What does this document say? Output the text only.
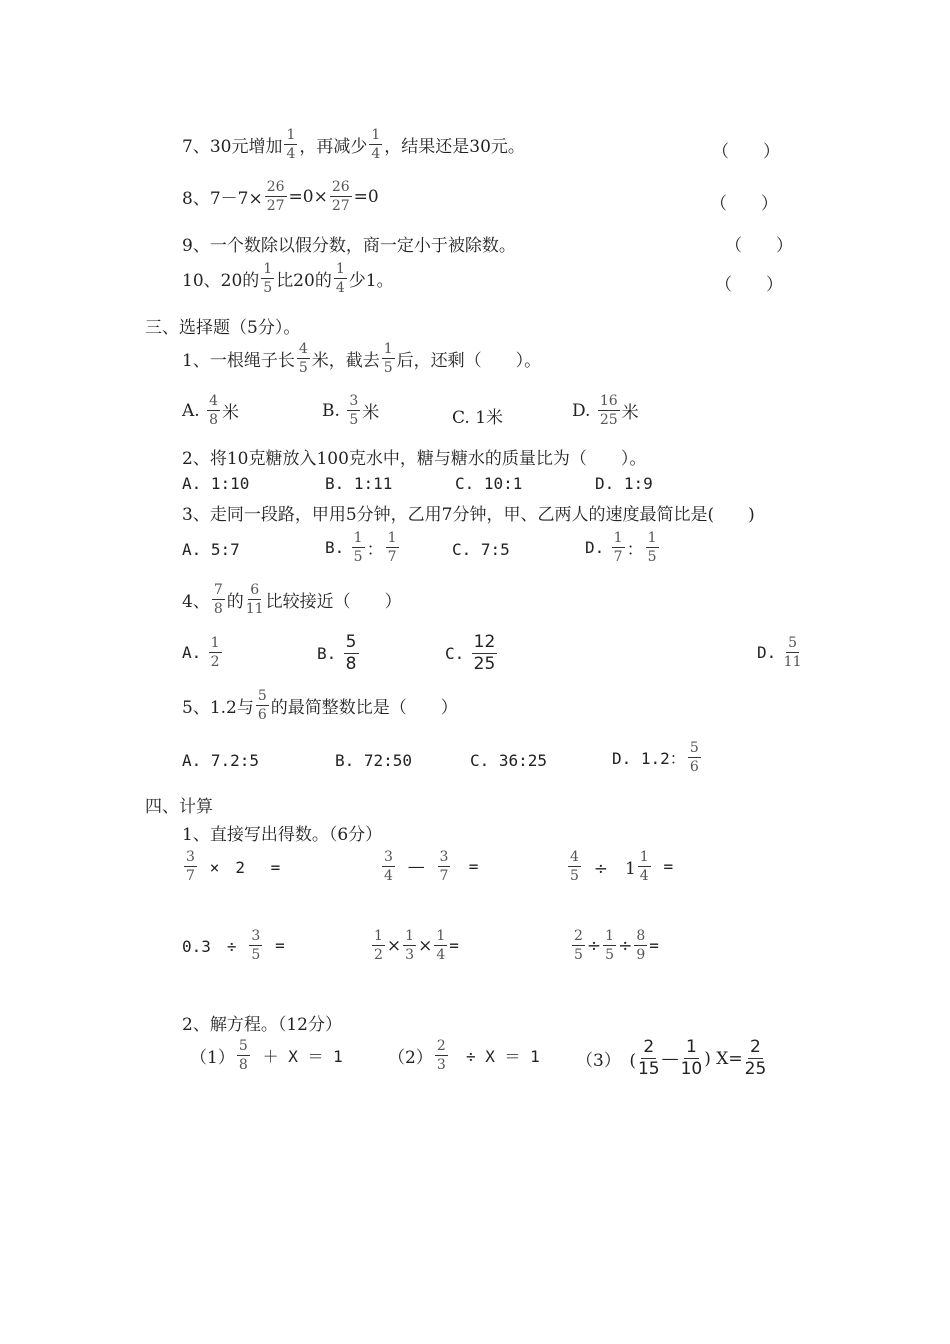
7、30元增加
1
4 ，再减少
1
4 ，结果还是30元。	（　　）
8、$7-7\times \frac{26}{27} =0\times \frac{26}{27} =0$	（　　）
9、一个数除以假分数，商一定小于被除数。	（　　）
10、20的
1
5 比20的
1
4 少1。	（　　）
三、选择题（5分）。
1、一根绳子长
4
5 米，截去
1
5 后，还剩（　　）。
A.
4
8 米	B.
3
5 米	C. 1米	D.
16
25 米
2、将10克糖放入100克水中，糖与糖水的质量比为（　　）。
A. 1:10	B. 1:11	C. 10:1	D. 1:9
3、走同一段路，甲用5分钟，乙用7分钟，甲、乙两人的速度最简比是(　　)
A. 5:7	B.
1
5 ：
1
7	C. 7:5	D.
1
7 ：
1
5
4、
7
8 的
6
11 比较接近（　　）
A.
1
2	B.

5
8
C.

12
25
D.
5
11
5、1.2与
5
6 的最简整数比是（　　）
A. 7.2:5	B. 72:50	C. 36:25	D. 1.2：
5
6
四、计算
1、直接写出得数。（6分）
$\frac{3}{7}$
×　2　 =
3
4
—
$\frac{3}{7}$
=	$\frac{4}{5}$
÷　$1 \frac{1}{4}$
=
0.3　÷
$\frac{3}{5}$
=	$\frac{1}{2} \times \frac{1}{3} \times \frac{1}{4}$ =	$\frac{2}{5} \div \frac{1}{5} \div \frac{8}{9}$ =
2、解方程。（12分）
（1）
5
8
＋ X ＝ 1	$(2) \frac{2}{3}$
÷ X ＝ 1 （3）　(
2
15
—
1
10
) $X= \frac{2}{25}$
